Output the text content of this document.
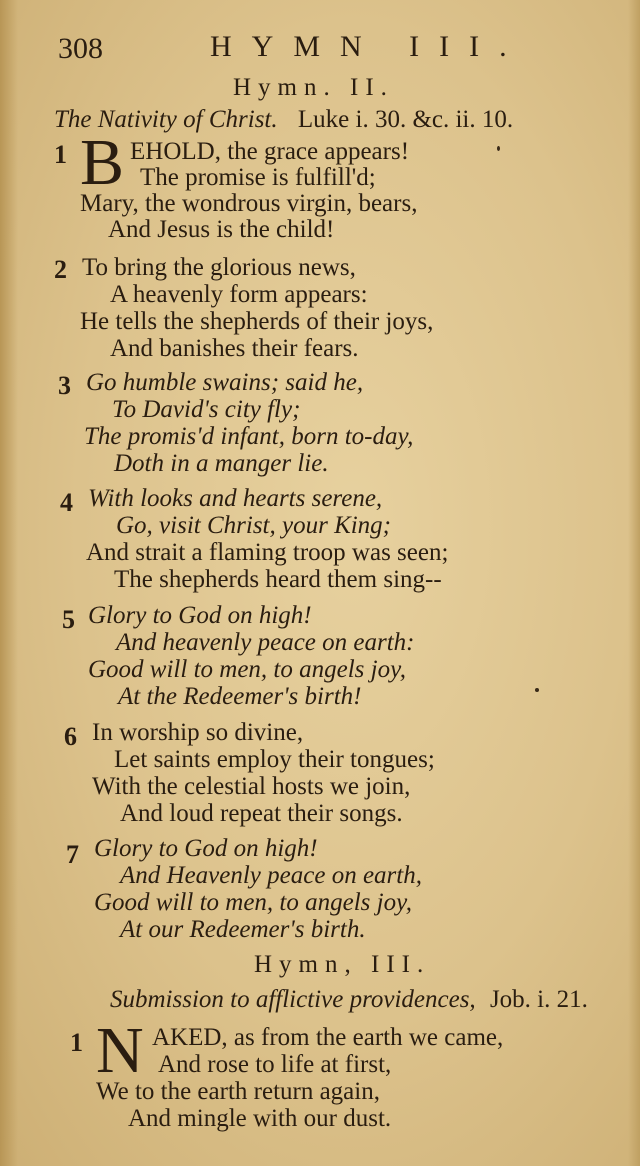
308	HYMN III.
Hymn. II.
The Nativity of Christ. Luke i. 30. &c. ii. 10.
1 B EHOLD, the grace appears!
The promise is fulfill'd;
Mary, the wondrous virgin, bears,
And Jesus is the child!
2 To bring the glorious news,
A heavenly form appears:
He tells the shepherds of their joys,
And banishes their fears.
3 Go humble swains; said he,
To David's city fly;
The promis'd infant, born to-day,
Doth in a manger lie.
4 With looks and hearts serene,
Go, visit Christ, your King;
And strait a flaming troop was seen;
The shepherds heard them sing--
5 Glory to God on high!
And heavenly peace on earth:
Good will to men, to angels joy,
At the Redeemer's birth!
6 In worship so divine,
Let saints employ their tongues;
With the celestial hosts we join,
And loud repeat their songs.
7 Glory to God on high!
And Heavenly peace on earth,
Good will to men, to angels joy,
At our Redeemer's birth.
Hymn, III.
Submission to afflictive providences, Job. i. 21.
1 N AKED, as from the earth we came,
And rose to life at first,
We to the earth return again,
And mingle with our dust.
